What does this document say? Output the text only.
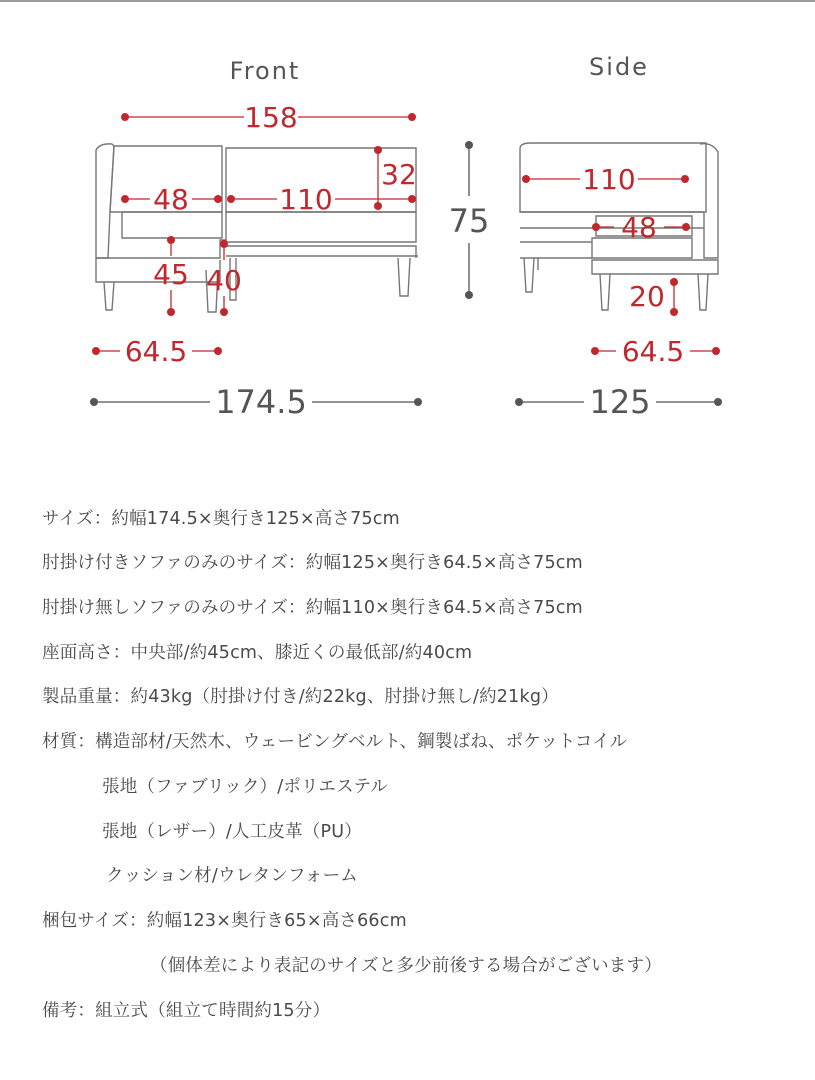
Front
158
32
48	110
75
45 40
64.5
174.5
Side
110
48
20
64.5
125
サイズ：約幅174.5×奥行き125×高さ75cm
肘掛け付きソファのみのサイズ：約幅125×奥行き64.5×高さ75cm
肘掛け無しソファのみのサイズ：約幅110×奥行き64.5×高さ75cm
座面高さ：中央部/約45cm、膝近くの最低部/約40cm
製品重量：約43kg（肘掛け付き/約22kg、肘掛け無し/約21kg）
材質：構造部材/天然木、ウェービングベルト、鋼製ばね、ポケットコイル
張地（ファブリック）/ポリエステル
張地（レザー）/人工皮革（PU）
クッション材/ウレタンフォーム
梱包サイズ：約幅123×奥行き65×高さ66cm
（個体差により表記のサイズと多少前後する場合がございます）
備考：組立式（組立て時間約15分）
